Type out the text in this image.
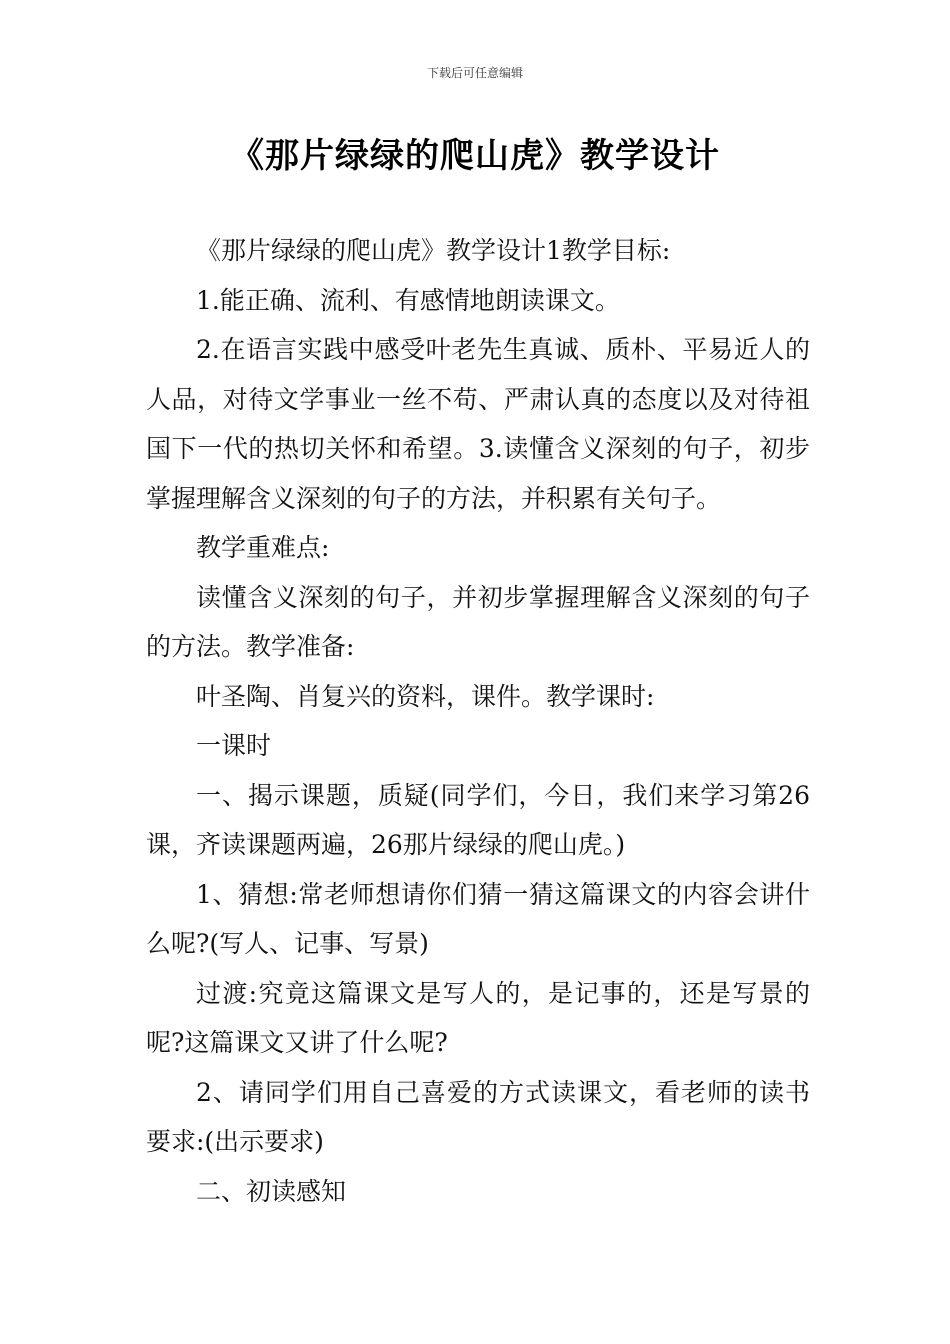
下载后可任意编辑
《那片绿绿的爬山虎》教学设计

《那片绿绿的爬山虎》教学设计1教学目标:

1.能正确、流利、有感情地朗读课文。

2.在语言实践中感受叶老先生真诚、质朴、平易近人的人品，对待文学事业一丝不苟、严肃认真的态度以及对待祖国下一代的热切关怀和希望。3.读懂含义深刻的句子，初步掌握理解含义深刻的句子的方法，并积累有关句子。

教学重难点:

读懂含义深刻的句子，并初步掌握理解含义深刻的句子的方法。教学准备:

叶圣陶、肖复兴的资料，课件。教学课时:

一课时

一、揭示课题，质疑(同学们，今日，我们来学习第26课，齐读课题两遍，26那片绿绿的爬山虎。)

1、猜想:常老师想请你们猜一猜这篇课文的内容会讲什么呢?(写人、记事、写景)

过渡:究竟这篇课文是写人的，是记事的，还是写景的呢?这篇课文又讲了什么呢?

2、请同学们用自己喜爱的方式读课文，看老师的读书要求:(出示要求)

二、初读感知
